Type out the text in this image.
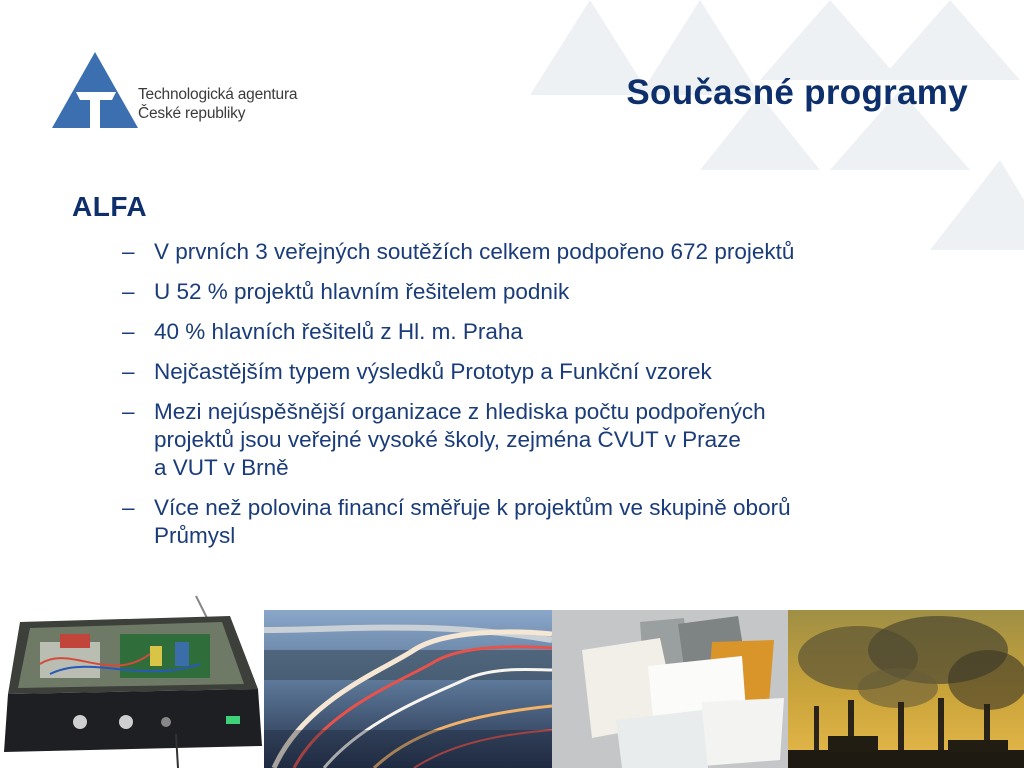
Technologická agentura
České republiky
Současné programy
ALFA
– V prvních 3 veřejných soutěžích celkem podpořeno 672 projektů
– U 52 % projektů hlavním řešitelem podnik
– 40 % hlavních řešitelů z Hl. m. Praha
– Nejčastějším typem výsledků Prototyp a Funkční vzorek
– Mezi nejúspěšnější organizace z hlediska počtu podpořených
projektů jsou veřejné vysoké školy, zejména ČVUT v Praze
a VUT v Brně
– Více než polovina financí směřuje k projektům ve skupině oborů
Průmysl
